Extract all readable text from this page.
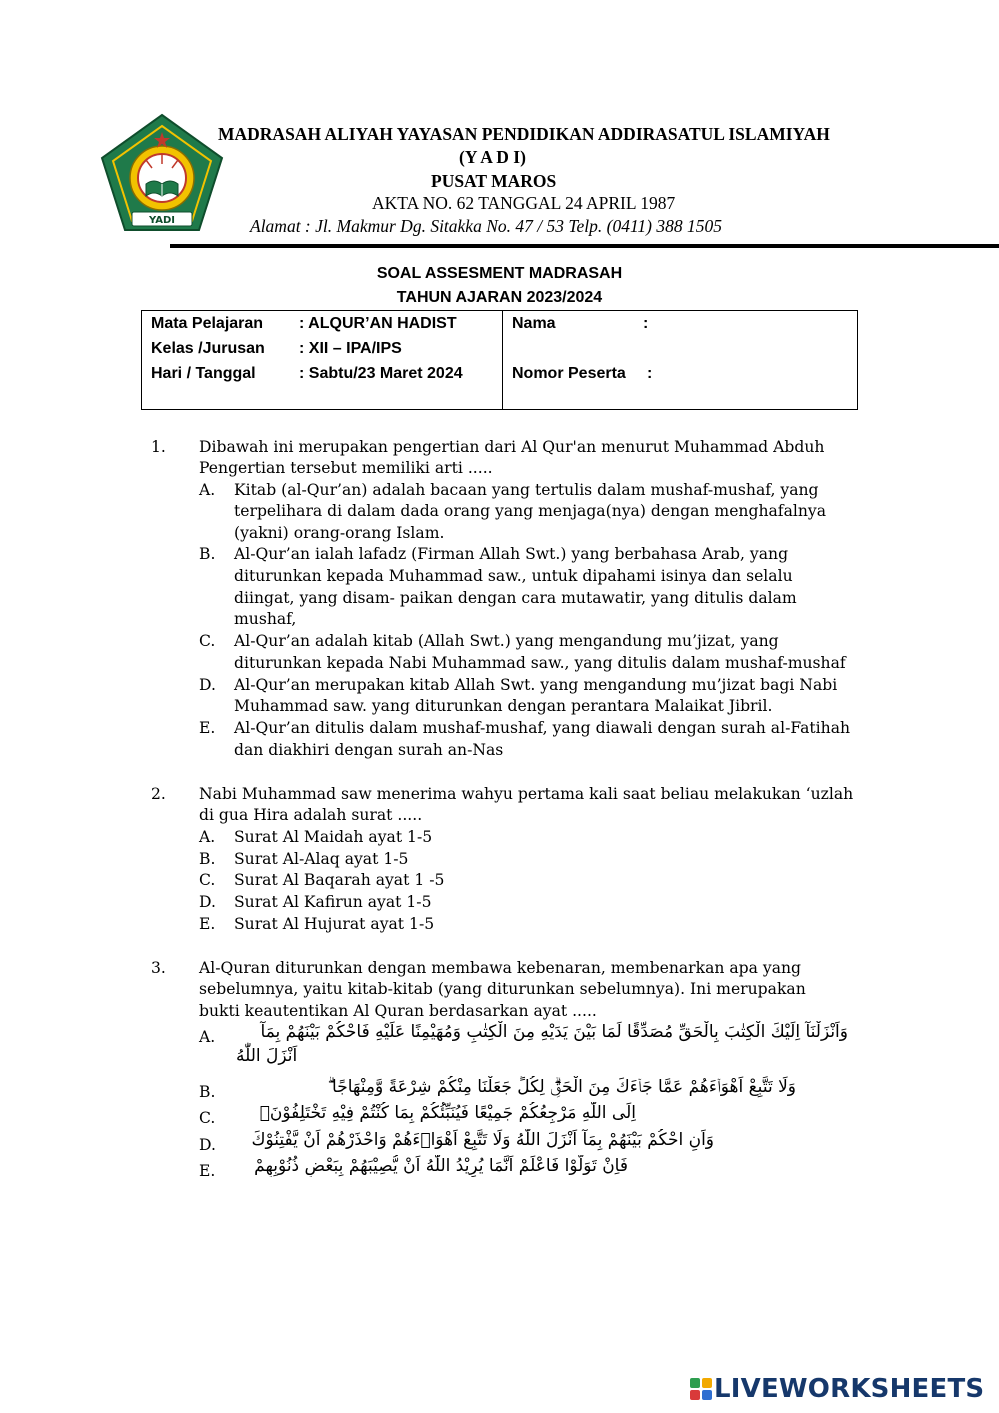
YADI
MADRASAH ALIYAH YAYASAN PENDIDIKAN ADDIRASATUL ISLAMIYAH
(Y A D I)
PUSAT MAROS
AKTA NO. 62 TANGGAL 24 APRIL 1987
Alamat : Jl. Makmur Dg. Sitakka No. 47 / 53 Telp. (0411) 388 1505
SOAL ASSESMENT MADRASAH
TAHUN AJARAN 2023/2024
Mata Pelajaran : ALQUR’AN HADIST
Kelas /Jurusan : XII – IPA/IPS
Hari / Tanggal	: Sabtu/23 Maret 2024
Nama	:
Nomor Peserta :
1. Dibawah ini merupakan pengertian dari Al Qur'an menurut Muhammad Abduh
Pengertian tersebut memiliki arti .....
A. Kitab (al-Qur’an) adalah bacaan yang tertulis dalam mushaf-mushaf, yang
terpelihara di dalam dada orang yang menjaga(nya) dengan menghafalnya
(yakni) orang-orang Islam.
B. Al-Qur’an ialah lafadz (Firman Allah Swt.) yang berbahasa Arab, yang
diturunkan kepada Muhammad saw., untuk dipahami isinya dan selalu
diingat, yang disam- paikan dengan cara mutawatir, yang ditulis dalam
mushaf,
C. Al-Qur’an adalah kitab (Allah Swt.) yang mengandung mu’jizat, yang
diturunkan kepada Nabi Muhammad saw., yang ditulis dalam mushaf-mushaf
D. Al-Qur’an merupakan kitab Allah Swt. yang mengandung mu’jizat bagi Nabi
Muhammad saw. yang diturunkan dengan perantara Malaikat Jibril.
E. Al-Qur’an ditulis dalam mushaf-mushaf, yang diawali dengan surah al-Fatihah
dan diakhiri dengan surah an-Nas
2. Nabi Muhammad saw menerima wahyu pertama kali saat beliau melakukan ‘uzlah
di gua Hira adalah surat .....
A. Surat Al Maidah ayat 1-5
B. Surat Al-Alaq ayat 1-5
C. Surat Al Baqarah ayat 1 -5
D. Surat Al Kafirun ayat 1-5
E. Surat Al Hujurat ayat 1-5
3. Al-Quran diturunkan dengan membawa kebenaran, membenarkan apa yang
sebelumnya, yaitu kitab-kitab (yang diturunkan sebelumnya). Ini merupakan
bukti keautentikan Al Quran berdasarkan ayat .....
A.	وَاَنْزَلْنَآ اِلَيْكَ الْكِتٰبَ بِالْحَقِّ مُصَدِّقًا لِّمَا بَيْنَ يَدَيْهِ مِنَ الْكِتٰبِ وَمُهَيْمِنًا عَلَيْهِ فَاحْكُمْ بَيْنَهُمْ بِمَآ
اَنْزَلَ اللّٰهُ
B.	وَلَا تَتَّبِعْ اَهْوَاۤءَهُمْ عَمَّا جَاۤءَكَ مِنَ الْحَقِّۗ لِكُلٍّ جَعَلْنَا مِنْكُمْ شِرْعَةً وَّمِنْهَاجًا ۗ
C.	اِلَى اللّٰهِ مَرْجِعُكُمْ جَمِيْعًا فَيُنَبِّئُكُمْ بِمَا كُنْتُمْ فِيْهِ تَخْتَلِفُوْنَۙ
D.	وَاَنِ احْكُمْ بَيْنَهُمْ بِمَآ اَنْزَلَ اللّٰهُ وَلَا تَتَّبِعْ اَهْوَاۤءَهُمْ وَاحْذَرْهُمْ اَنْ يَّفْتِنُوْكَ
E.	فَاِنْ تَوَلَّوْا فَاعْلَمْ اَنَّمَا يُرِيْدُ اللّٰهُ اَنْ يُّصِيْبَهُمْ بِبَعْضِ ذُنُوْبِهِمْ
LIVEWORKSHEETS
